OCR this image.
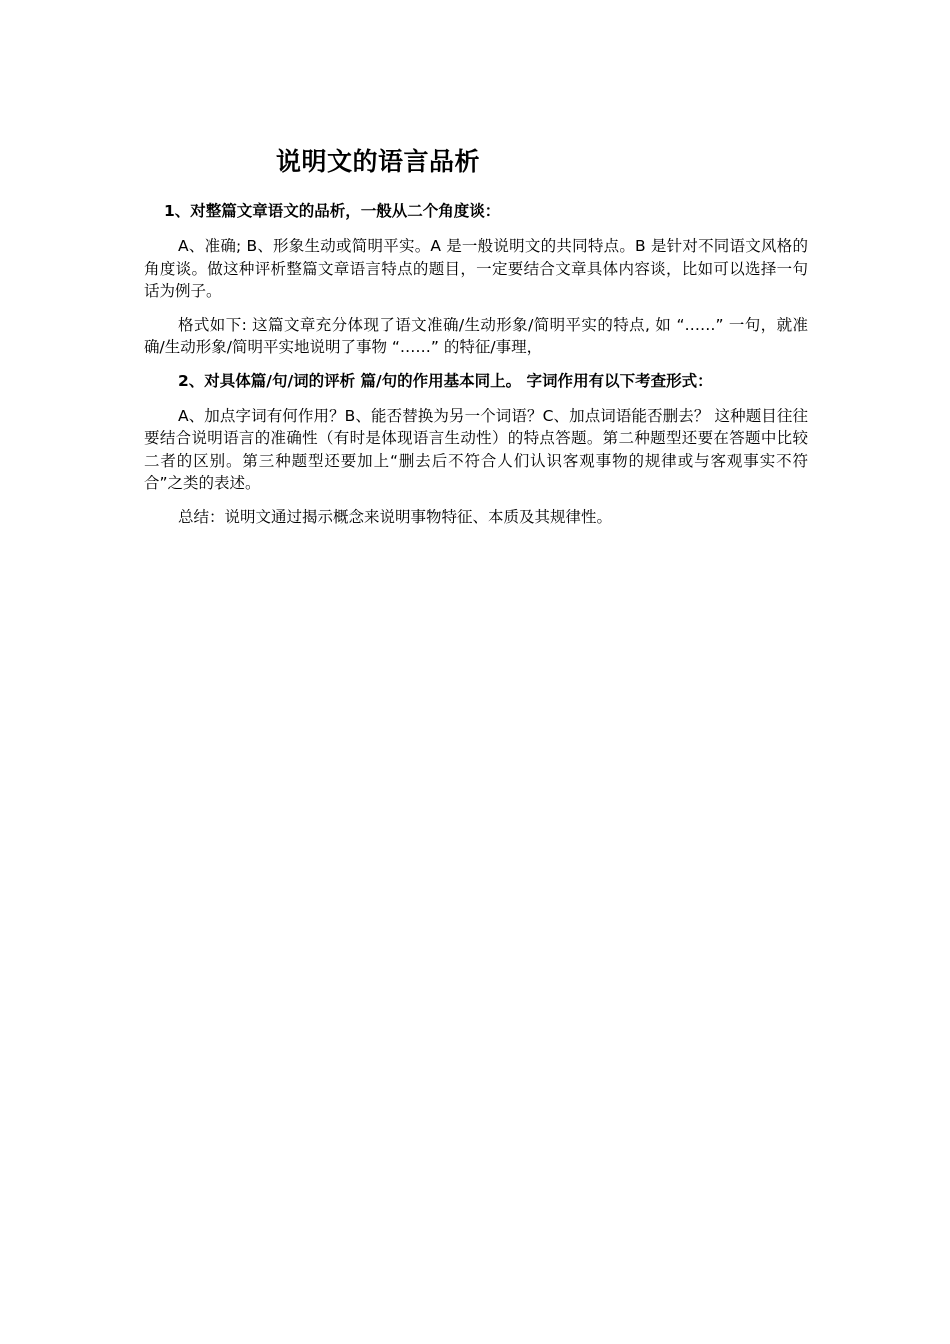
说明文的语言品析
1、对整篇文章语文的品析，一般从二个角度谈：

A、准确; B、形象生动或简明平实。A 是一般说明文的共同特点。B 是针对不同语文风格的角度谈。做这种评析整篇文章语言特点的题目，一定要结合文章具体内容谈，比如可以选择一句话为例子。

格式如下: 这篇文章充分体现了语文准确/生动形象/简明平实的特点, 如 “……” 一句，就准确/生动形象/简明平实地说明了事物 “……” 的特征/事理，

2、对具体篇/句/词的评析 篇/句的作用基本同上。 字词作用有以下考查形式：

A、加点字词有何作用？B、能否替换为另一个词语？C、加点词语能否删去？ 这种题目往往要结合说明语言的准确性（有时是体现语言生动性）的特点答题。第二种题型还要在答题中比较二者的区别。第三种题型还要加上“删去后不符合人们认识客观事物的规律或与客观事实不符合”之类的表述。

总结：说明文通过揭示概念来说明事物特征、本质及其规律性。
